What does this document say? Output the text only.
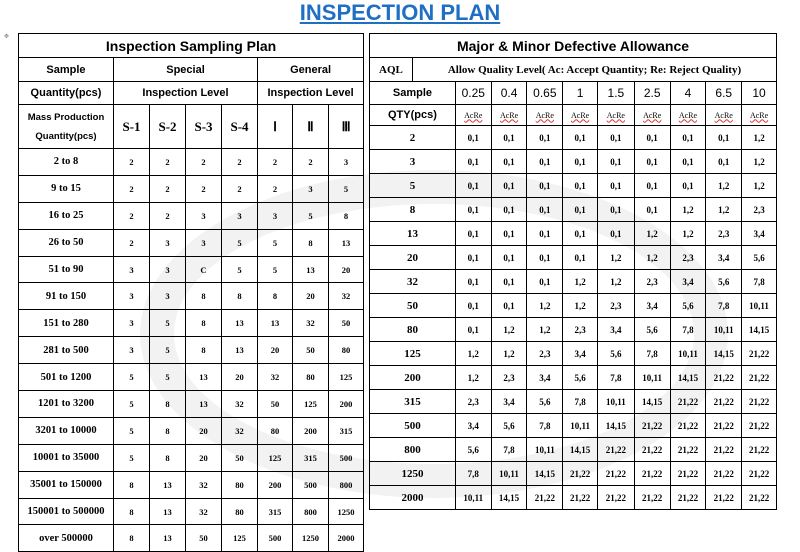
INSPECTION PLAN
Inspection Sampling Plan							
Sample	Special				General		
Quantity(pcs)	Inspection Level				Inspection Level		

Mass Production
Quantity(pcs)	S-1	S-2	S-3	S-4	Ⅰ	Ⅱ	Ⅲ
2 to 8	2	2	2	2	2	2	3
9 to 15	2	2	2	2	2	3	5
16 to 25	2	2	3	3	3	5	8
26 to 50	2	3	3	5	5	8	13
51 to 90	3	3	C	5	5	13	20
91 to 150	3	3	8	8	8	20	32
151 to 280	3	5	8	13	13	32	50
281 to 500	3	5	8	13	20	50	80
501 to 1200	5	5	13	20	32	80	125
1201 to 3200	5	8	13	32	50	125	200
3201 to 10000	5	8	20	32	80	200	315
10001 to 35000	5	8	20	50	125	315	500
35001 to 150000	8	13	32	80	200	500	800
150001 to 500000	8	13	32	80	315	800	1250
over 500000	8	13	50	125	500	1250	2000
Major & Minor Defective Allowance										
AQL	Allow Quality Level( Ac: Accept Quantity; Re: Reject Quality)									
Sample		0.25	0.4	0.65	1	1.5	2.5	4	6.5	10
QTY(pcs)		AcRe	AcRe	AcRe	AcRe	AcRe	AcRe	AcRe	AcRe	AcRe
2		0,1	0,1	0,1	0,1	0,1	0,1	0,1	0,1	1,2
3		0,1	0,1	0,1	0,1	0,1	0,1	0,1	0,1	1,2
5		0,1	0,1	0,1	0,1	0,1	0,1	0,1	1,2	1,2
8		0,1	0,1	0,1	0,1	0,1	0,1	1,2	1,2	2,3
13		0,1	0,1	0,1	0,1	0,1	1,2	1,2	2,3	3,4
20		0,1	0,1	0,1	0,1	1,2	1,2	2,3	3,4	5,6
32		0,1	0,1	0,1	1,2	1,2	2,3	3,4	5,6	7,8
50		0,1	0,1	1,2	1,2	2,3	3,4	5,6	7,8	10,11
80		0,1	1,2	1,2	2,3	3,4	5,6	7,8	10,11	14,15
125		1,2	1,2	2,3	3,4	5,6	7,8	10,11	14,15	21,22
200		1,2	2,3	3,4	5,6	7,8	10,11	14,15	21,22	21,22
315		2,3	3,4	5,6	7,8	10,11	14,15	21,22	21,22	21,22
500		3,4	5,6	7,8	10,11	14,15	21,22	21,22	21,22	21,22
800		5,6	7,8	10,11	14,15	21,22	21,22	21,22	21,22	21,22
1250		7,8	10,11	14,15	21,22	21,22	21,22	21,22	21,22	21,22
2000		10,11	14,15	21,22	21,22	21,22	21,22	21,22	21,22	21,22
✥
